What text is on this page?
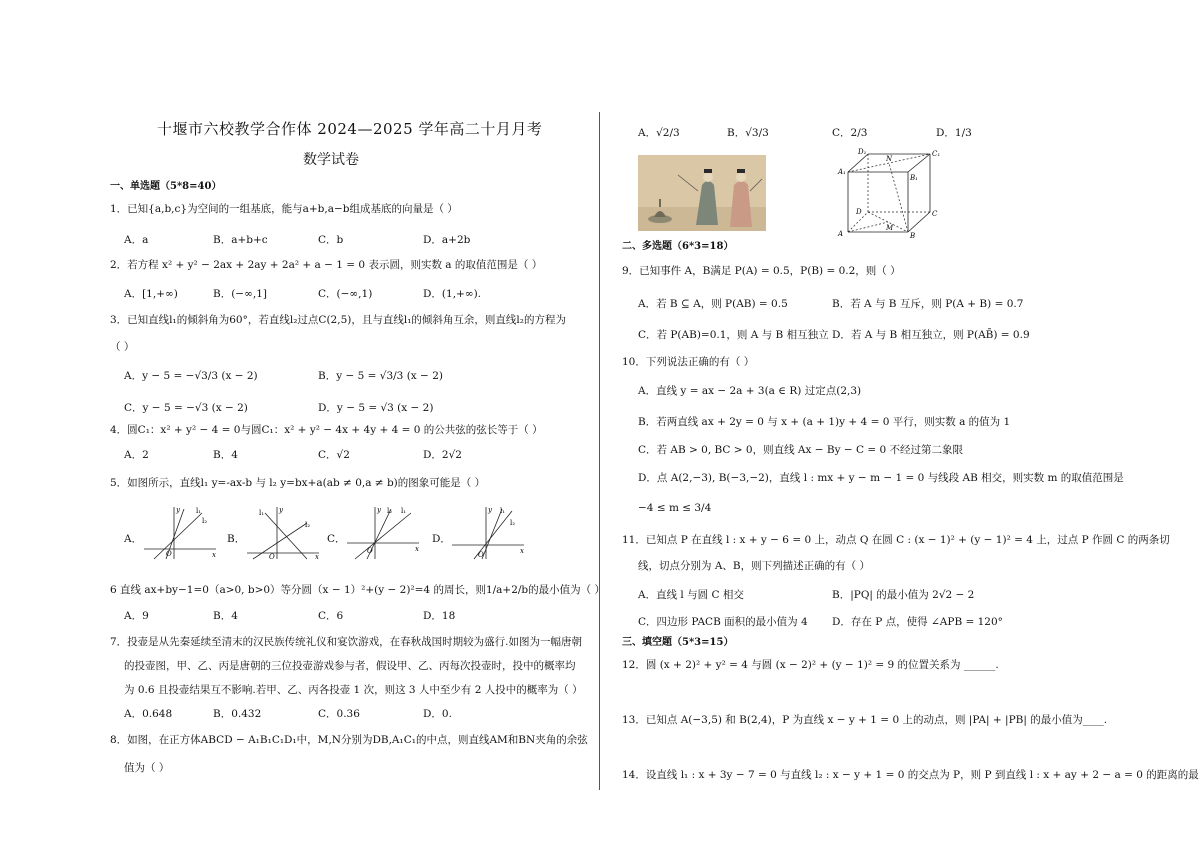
十堰市六校教学合作体 2024—2025 学年高二十月月考
数学试卷
一、单选题（5*8=40）
1．已知{a,b,c}为空间的一组基底，能与a+b,a−b组成基底的向量是（ ）
A．a	B．a+b+c	C．b	D．a+2b
2．若方程 x² + y² − 2ax + 2ay + 2a² + a − 1 = 0 表示圆，则实数 a 的取值范围是（ ）
A．[1,+∞)	B．(−∞,1]	C．(−∞,1)	D．(1,+∞).
3．已知直线l₁的倾斜角为60°，若直线l₂过点C(2,5)，且与直线l₁的倾斜角互余，则直线l₂的方程为
（ ）
A．y − 5 = −√3/3 (x − 2)	B．y − 5 = √3/3 (x − 2)
C．y − 5 = −√3 (x − 2)	D．y − 5 = √3 (x − 2)
4．圆C₁：x² + y² − 4 = 0与圆C₁：x² + y² − 4x + 4y + 4 = 0 的公共弦的弦长等于（ ）
A．2	B．4	C．√2	D．2√2
5．如图所示，直线l₁ y=-ax-b 与 l₂ y=bx+a(ab ≠ 0,a ≠ b)的图象可能是（ ）
A．
l₁
l₂
O	x
y
B．
l₁
l₂
O	x
y
C．
l₁
l₂
O	x
y
D．
l₁
l₂
O	x
y
6 直线 ax+by−1=0（a>0, b>0）等分圆（x − 1）²+(y − 2)²=4 的周长，则1/a+2/b的最小值为（ ）
A．9	B．4	C．6	D．18
7．投壶是从先秦延续至清末的汉民族传统礼仪和宴饮游戏，在春秋战国时期较为盛行.如图为一幅唐朝
的投壶图，甲、乙、丙是唐朝的三位投壶游戏参与者，假设甲、乙、丙每次投壶时，投中的概率均
为 0.6 且投壶结果互不影响.若甲、乙、丙各投壶 1 次，则这 3 人中至少有 2 人投中的概率为（ ）
A．0.648	B．0.432	C．0.36	D．0.
8．如图，在正方体ABCD − A₁B₁C₁D₁中，M,N分别为DB,A₁C₁的中点，则直线AM和BN夹角的余弦
值为（ ）
A．√2/3	B．√3/3	C．2/3	D．1/3
A	B
C
D
A₁
B₁
C₁
D₁
M
N
二、多选题（6*3=18）
9．已知事件 A，B满足 P(A) = 0.5，P(B) = 0.2，则（ ）
A．若 B ⊆ A，则 P(AB) = 0.5	B．若 A 与 B 互斥，则 P(A + B) = 0.7
C．若 P(AB)=0.1，则 A 与 B 相互独立 D．若 A 与 B 相互独立，则 P(AB̄) = 0.9
10．下列说法正确的有（ ）
A．直线 y = ax − 2a + 3(a ∈ R) 过定点(2,3)
B．若两直线 ax + 2y = 0 与 x + (a + 1)y + 4 = 0 平行，则实数 a 的值为 1
C．若 AB > 0, BC > 0，则直线 Ax − By − C = 0 不经过第二象限
D．点 A(2,−3), B(−3,−2)，直线 l : mx + y − m − 1 = 0 与线段 AB 相交，则实数 m 的取值范围是
−4 ≤ m ≤ 3/4
11．已知点 P 在直线 l : x + y − 6 = 0 上，动点 Q 在圆 C : (x − 1)² + (y − 1)² = 4 上，过点 P 作圆 C 的两条切
线，切点分别为 A、B，则下列描述正确的有（ ）
A．直线 l 与圆 C 相交	B．|PQ| 的最小值为 2√2 − 2
C．四边形 PACB 面积的最小值为 4 D．存在 P 点，使得 ∠APB = 120°
三、填空题（5*3=15）
12．圆 (x + 2)² + y² = 4 与圆 (x − 2)² + (y − 1)² = 9 的位置关系为 ______.
13．已知点 A(−3,5) 和 B(2,4)，P 为直线 x − y + 1 = 0 上的动点，则 |PA| + |PB| 的最小值为____.
14．设直线 l₁ : x + 3y − 7 = 0 与直线 l₂ : x − y + 1 = 0 的交点为 P，则 P 到直线 l : x + ay + 2 − a = 0 的距离的最
